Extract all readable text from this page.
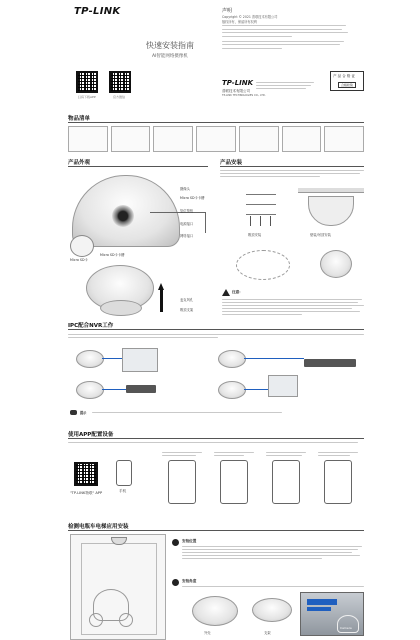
TP-LINK
快速安装指南
AI智能网络摄像机
扫码下载APP	官方微信
声明
Copyright © 2021 普联技术有限公司
版权所有，保留所有权利
TP-LINK
普联技术有限公司
TP-LINK TECHNOLOGIES CO., LTD.
产 品 合 格 证
合格检验
物品清单
产品外观
摄像头
Micro SD卡卡槽
复位按钮
电源接口
网络接口
Micro SD卡卡槽
Micro SD卡
麦克风孔
吸顶支架
产品安装
吸顶安装	壁装/吊顶安装
注意：
IPC配合NVR工作
提示
使用APP配置设备
"TP-LINK物联" APP	手机
检测电瓶车电梯应用安装
安装位置
安装角度
外壳	支架
Camera
